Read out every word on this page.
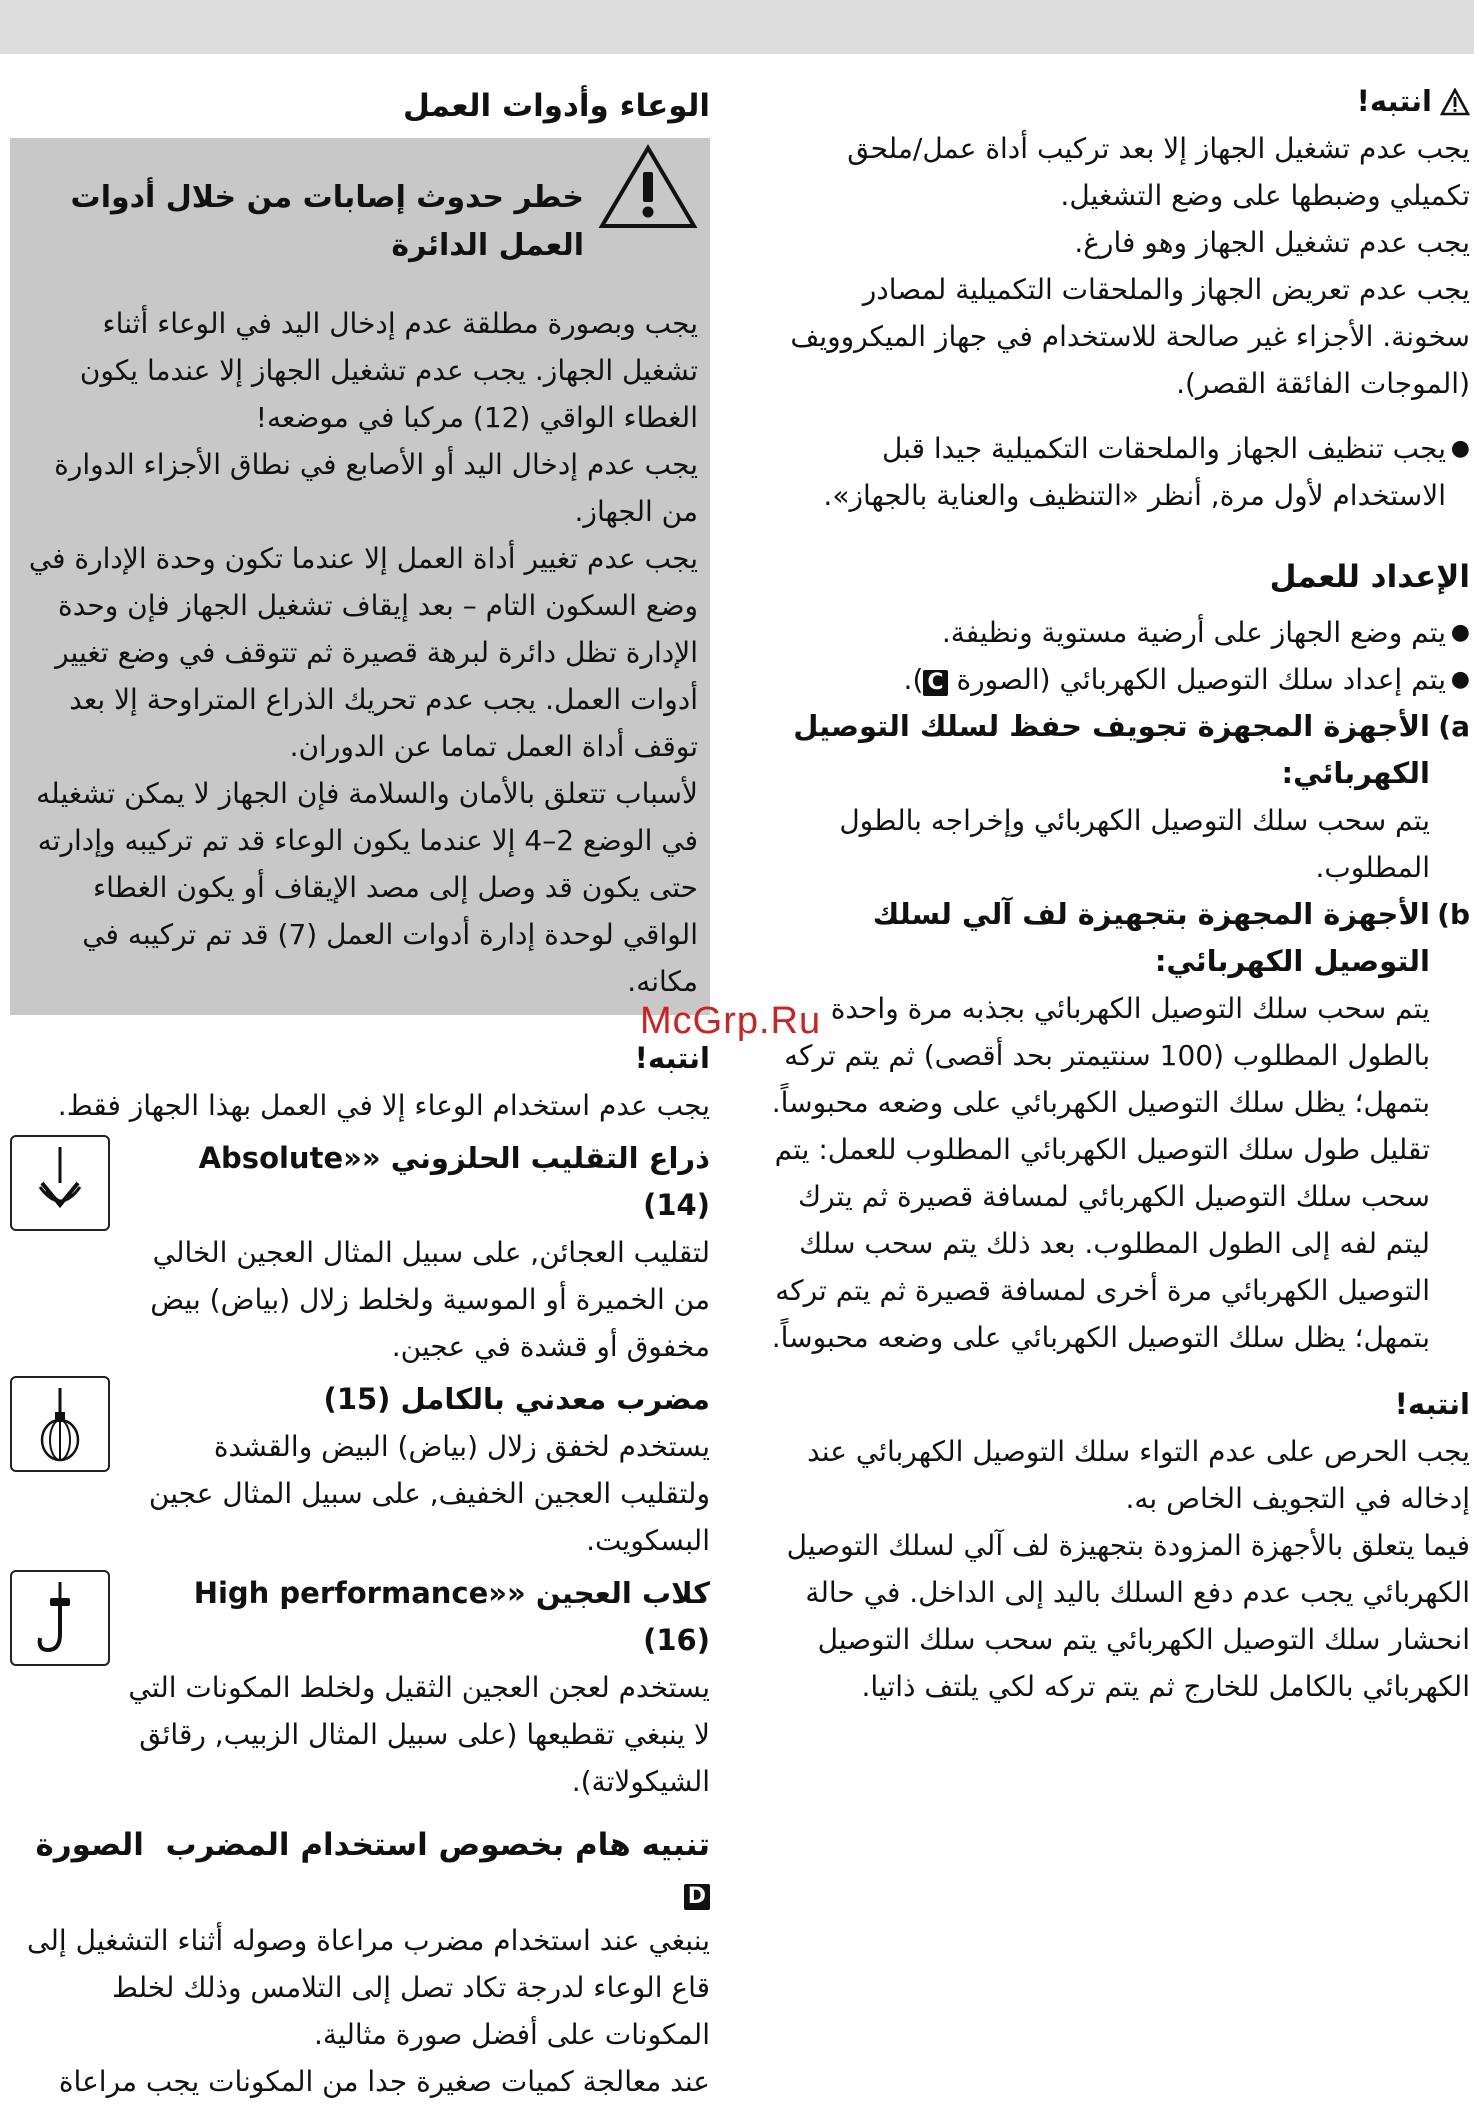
انتبه!

يجب عدم تشغيل الجهاز إلا بعد تركيب أداة عمل/ملحق تكميلي وضبطها على وضع التشغيل.

يجب عدم تشغيل الجهاز وهو فارغ.

يجب عدم تعريض الجهاز والملحقات التكميلية لمصادر سخونة. الأجزاء غير صالحة للاستخدام في جهاز الميكروويف (الموجات الفائقة القصر).

●

يجب تنظيف الجهاز والملحقات التكميلية جيدا قبل الاستخدام لأول مرة, أنظر «التنظيف والعناية بالجهاز».

الإعداد للعمل

●

يتم وضع الجهاز على أرضية مستوية ونظيفة.

●

يتم إعداد سلك التوصيل الكهربائي (الصورة C).

a)

الأجهزة المجهزة تجويف حفظ لسلك التوصيل الكهربائي:

يتم سحب سلك التوصيل الكهربائي وإخراجه بالطول المطلوب.

b)

الأجهزة المجهزة بتجهيزة لف آلي لسلك التوصيل الكهربائي:

يتم سحب سلك التوصيل الكهربائي بجذبه مرة واحدة بالطول المطلوب (100 سنتيمتر بحد أقصى) ثم يتم تركه بتمهل؛ يظل سلك التوصيل الكهربائي على وضعه محبوساً.

تقليل طول سلك التوصيل الكهربائي المطلوب للعمل: يتم سحب سلك التوصيل الكهربائي لمسافة قصيرة ثم يترك ليتم لفه إلى الطول المطلوب. بعد ذلك يتم سحب سلك التوصيل الكهربائي مرة أخرى لمسافة قصيرة ثم يتم تركه بتمهل؛ يظل سلك التوصيل الكهربائي على وضعه محبوساً.

انتبه!

يجب الحرص على عدم التواء سلك التوصيل الكهربائي عند إدخاله في التجويف الخاص به.

فيما يتعلق بالأجهزة المزودة بتجهيزة لف آلي لسلك التوصيل الكهربائي يجب عدم دفع السلك باليد إلى الداخل. في حالة انحشار سلك التوصيل الكهربائي يتم سحب سلك التوصيل الكهربائي بالكامل للخارج ثم يتم تركه لكي يلتف ذاتيا.

الوعاء وأدوات العمل

خطر حدوث إصابات من خلال أدوات العمل الدائرة

يجب وبصورة مطلقة عدم إدخال اليد في الوعاء أثناء تشغيل الجهاز. يجب عدم تشغيل الجهاز إلا عندما يكون الغطاء الواقي (12) مركبا في موضعه!

يجب عدم إدخال اليد أو الأصابع في نطاق الأجزاء الدوارة من الجهاز.

يجب عدم تغيير أداة العمل إلا عندما تكون وحدة الإدارة في وضع السكون التام – بعد إيقاف تشغيل الجهاز فإن وحدة الإدارة تظل دائرة لبرهة قصيرة ثم تتوقف في وضع تغيير أدوات العمل. يجب عدم تحريك الذراع المتراوحة إلا بعد توقف أداة العمل تماما عن الدوران.

لأسباب تتعلق بالأمان والسلامة فإن الجهاز لا يمكن تشغيله في الوضع 2–4 إلا عندما يكون الوعاء قد تم تركيبه وإدارته حتى يكون قد وصل إلى مصد الإيقاف أو يكون الغطاء الواقي لوحدة إدارة أدوات العمل (7) قد تم تركيبه في مكانه.

انتبه!

يجب عدم استخدام الوعاء إلا في العمل بهذا الجهاز فقط.

ذراع التقليب الحلزوني «Absolute» (14)

لتقليب العجائن, على سبيل المثال العجين الخالي من الخميرة أو الموسية ولخلط زلال (بياض) بيض مخفوق أو قشدة في عجين.

مضرب معدني بالكامل (15)

يستخدم لخفق زلال (بياض) البيض والقشدة ولتقليب العجين الخفيف, على سبيل المثال عجين البسكويت.

كلاب العجين «High performance» (16)

يستخدم لعجن العجين الثقيل ولخلط المكونات التي لا ينبغي تقطيعها (على سبيل المثال الزبيب, رقائق الشيكولاتة).

تنبيه هام بخصوص استخدام المضرب  الصورة D

ينبغي عند استخدام مضرب مراعاة وصوله أثناء التشغيل إلى قاع الوعاء لدرجة تكاد تصل إلى التلامس وذلك لخلط المكونات على أفضل صورة مثالية.

عند معالجة كميات صغيرة جدا من المكونات يجب مراعاة

McGrp.Ru
